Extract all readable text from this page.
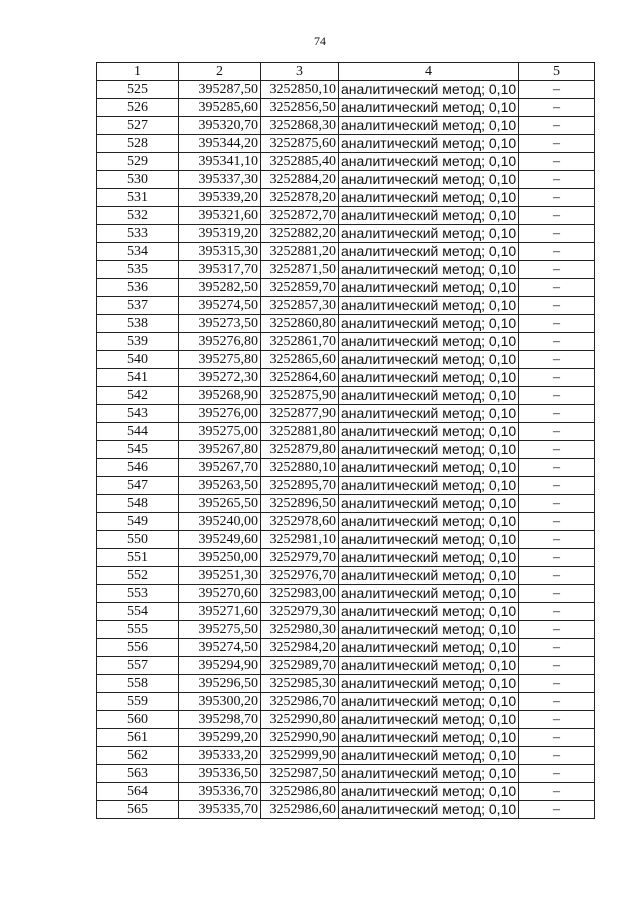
74
1	2	3	4	5
525	395287,50	3252850,10	аналитический метод; 0,10	–
526	395285,60	3252856,50	аналитический метод; 0,10	–
527	395320,70	3252868,30	аналитический метод; 0,10	–
528	395344,20	3252875,60	аналитический метод; 0,10	–
529	395341,10	3252885,40	аналитический метод; 0,10	–
530	395337,30	3252884,20	аналитический метод; 0,10	–
531	395339,20	3252878,20	аналитический метод; 0,10	–
532	395321,60	3252872,70	аналитический метод; 0,10	–
533	395319,20	3252882,20	аналитический метод; 0,10	–
534	395315,30	3252881,20	аналитический метод; 0,10	–
535	395317,70	3252871,50	аналитический метод; 0,10	–
536	395282,50	3252859,70	аналитический метод; 0,10	–
537	395274,50	3252857,30	аналитический метод; 0,10	–
538	395273,50	3252860,80	аналитический метод; 0,10	–
539	395276,80	3252861,70	аналитический метод; 0,10	–
540	395275,80	3252865,60	аналитический метод; 0,10	–
541	395272,30	3252864,60	аналитический метод; 0,10	–
542	395268,90	3252875,90	аналитический метод; 0,10	–
543	395276,00	3252877,90	аналитический метод; 0,10	–
544	395275,00	3252881,80	аналитический метод; 0,10	–
545	395267,80	3252879,80	аналитический метод; 0,10	–
546	395267,70	3252880,10	аналитический метод; 0,10	–
547	395263,50	3252895,70	аналитический метод; 0,10	–
548	395265,50	3252896,50	аналитический метод; 0,10	–
549	395240,00	3252978,60	аналитический метод; 0,10	–
550	395249,60	3252981,10	аналитический метод; 0,10	–
551	395250,00	3252979,70	аналитический метод; 0,10	–
552	395251,30	3252976,70	аналитический метод; 0,10	–
553	395270,60	3252983,00	аналитический метод; 0,10	–
554	395271,60	3252979,30	аналитический метод; 0,10	–
555	395275,50	3252980,30	аналитический метод; 0,10	–
556	395274,50	3252984,20	аналитический метод; 0,10	–
557	395294,90	3252989,70	аналитический метод; 0,10	–
558	395296,50	3252985,30	аналитический метод; 0,10	–
559	395300,20	3252986,70	аналитический метод; 0,10	–
560	395298,70	3252990,80	аналитический метод; 0,10	–
561	395299,20	3252990,90	аналитический метод; 0,10	–
562	395333,20	3252999,90	аналитический метод; 0,10	–
563	395336,50	3252987,50	аналитический метод; 0,10	–
564	395336,70	3252986,80	аналитический метод; 0,10	–
565	395335,70	3252986,60	аналитический метод; 0,10	–
